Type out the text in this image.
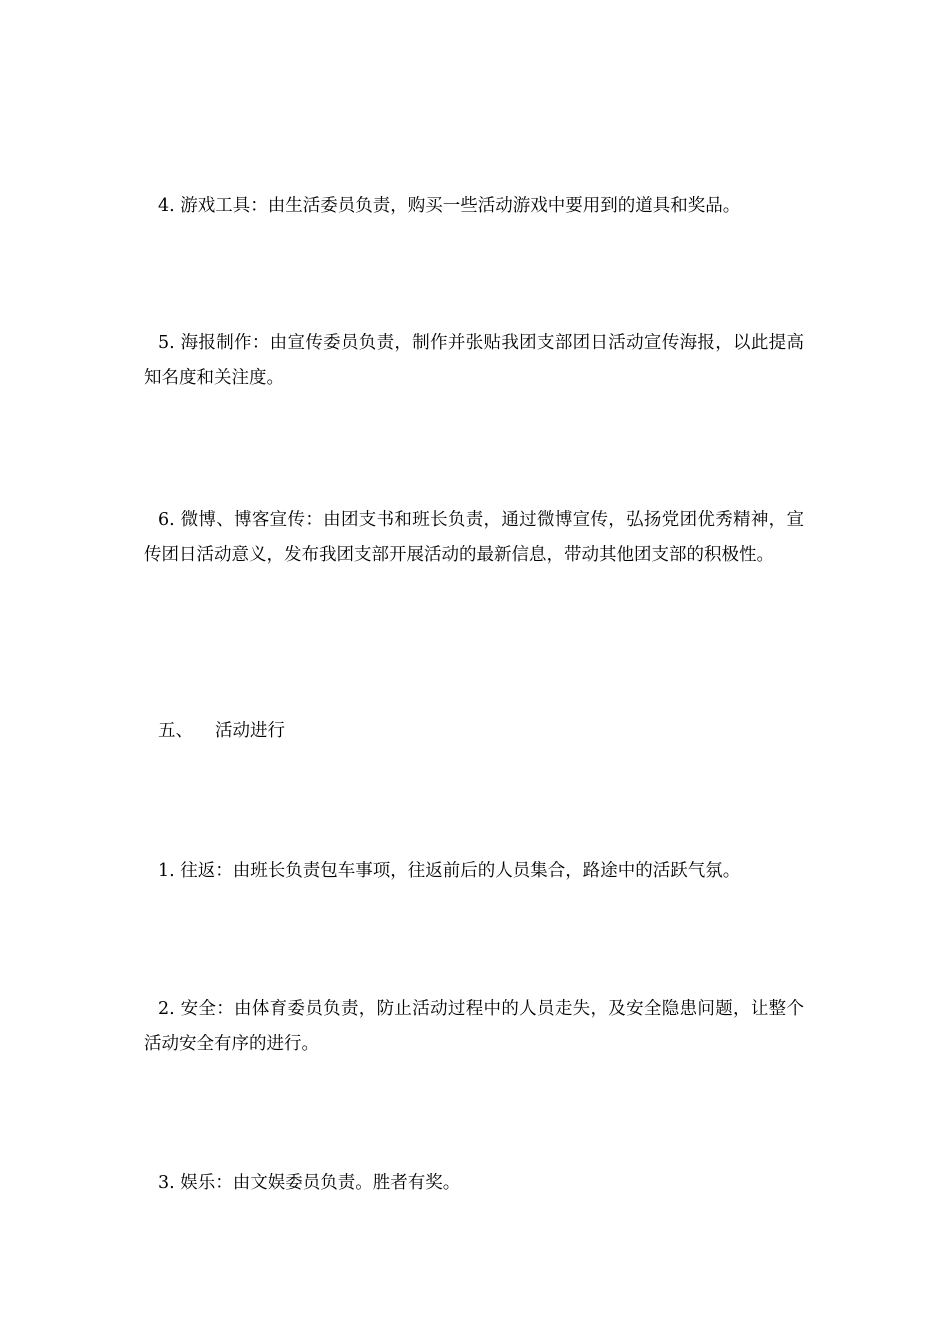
4. 游戏工具：由生活委员负责，购买一些活动游戏中要用到的道具和奖品。

5. 海报制作：由宣传委员负责，制作并张贴我团支部团日活动宣传海报，以此提高知名度和关注度。

6. 微博、博客宣传：由团支书和班长负责，通过微博宣传，弘扬党团优秀精神，宣传团日活动意义，发布我团支部开展活动的最新信息，带动其他团支部的积极性。

五、 活动进行

1. 往返：由班长负责包车事项，往返前后的人员集合，路途中的活跃气氛。

2. 安全：由体育委员负责，防止活动过程中的人员走失，及安全隐患问题，让整个活动安全有序的进行。

3. 娱乐：由文娱委员负责。胜者有奖。
